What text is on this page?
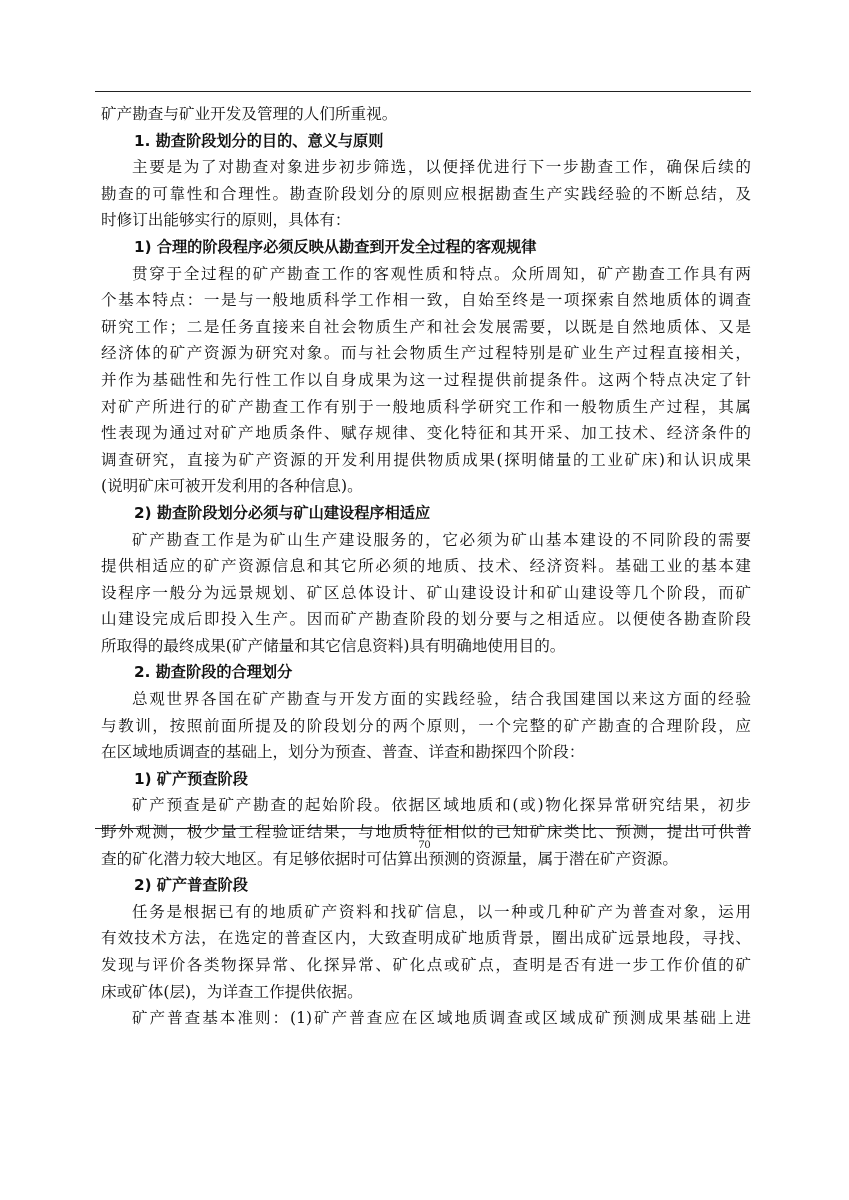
矿产勘查与矿业开发及管理的人们所重视。
1. 勘查阶段划分的目的、意义与原则
主要是为了对勘查对象进步初步筛选，以便择优进行下一步勘查工作，确保后续的
勘查的可靠性和合理性。勘查阶段划分的原则应根据勘查生产实践经验的不断总结，及
时修订出能够实行的原则，具体有：
1) 合理的阶段程序必须反映从勘查到开发全过程的客观规律
贯穿于全过程的矿产勘查工作的客观性质和特点。众所周知，矿产勘查工作具有两
个基本特点：一是与一般地质科学工作相一致，自始至终是一项探索自然地质体的调查
研究工作；二是任务直接来自社会物质生产和社会发展需要，以既是自然地质体、又是
经济体的矿产资源为研究对象。而与社会物质生产过程特别是矿业生产过程直接相关，
并作为基础性和先行性工作以自身成果为这一过程提供前提条件。这两个特点决定了针
对矿产所进行的矿产勘查工作有别于一般地质科学研究工作和一般物质生产过程，其属
性表现为通过对矿产地质条件、赋存规律、变化特征和其开采、加工技术、经济条件的
调查研究，直接为矿产资源的开发利用提供物质成果(探明储量的工业矿床)和认识成果
(说明矿床可被开发利用的各种信息)。
2) 勘查阶段划分必须与矿山建设程序相适应
矿产勘查工作是为矿山生产建设服务的，它必须为矿山基本建设的不同阶段的需要
提供相适应的矿产资源信息和其它所必须的地质、技术、经济资料。基础工业的基本建
设程序一般分为远景规划、矿区总体设计、矿山建设设计和矿山建设等几个阶段，而矿
山建设完成后即投入生产。因而矿产勘查阶段的划分要与之相适应。以便使各勘查阶段
所取得的最终成果(矿产储量和其它信息资料)具有明确地使用目的。
2. 勘查阶段的合理划分
总观世界各国在矿产勘查与开发方面的实践经验，结合我国建国以来这方面的经验
与教训，按照前面所提及的阶段划分的两个原则，一个完整的矿产勘查的合理阶段，应
在区域地质调查的基础上，划分为预查、普查、详查和勘探四个阶段：
1) 矿产预查阶段
矿产预查是矿产勘查的起始阶段。依据区域地质和(或)物化探异常研究结果，初步
野外观测，极少量工程验证结果，与地质特征相似的已知矿床类比、预测，提出可供普
查的矿化潜力较大地区。有足够依据时可估算出预测的资源量，属于潜在矿产资源。
2) 矿产普查阶段
任务是根据已有的地质矿产资料和找矿信息，以一种或几种矿产为普查对象，运用
有效技术方法，在选定的普查区内，大致查明成矿地质背景，圈出成矿远景地段，寻找、
发现与评价各类物探异常、化探异常、矿化点或矿点，查明是否有进一步工作价值的矿
床或矿体(层)，为详查工作提供依据。
矿产普查基本准则：(1)矿产普查应在区域地质调查或区域成矿预测成果基础上进
70
